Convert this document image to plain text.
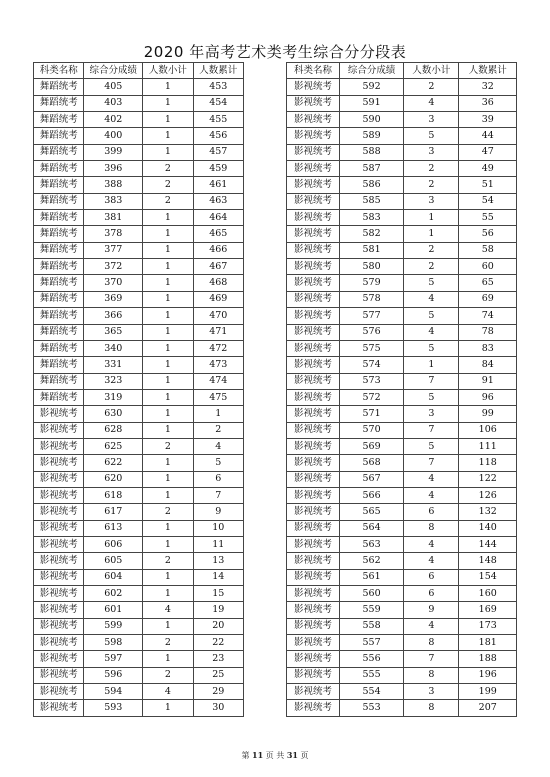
2020 年高考艺术类考生综合分分段表
科类名称	综合分成绩	人数小计	人数累计
舞蹈统考	405	1	453
舞蹈统考	403	1	454
舞蹈统考	402	1	455
舞蹈统考	400	1	456
舞蹈统考	399	1	457
舞蹈统考	396	2	459
舞蹈统考	388	2	461
舞蹈统考	383	2	463
舞蹈统考	381	1	464
舞蹈统考	378	1	465
舞蹈统考	377	1	466
舞蹈统考	372	1	467
舞蹈统考	370	1	468
舞蹈统考	369	1	469
舞蹈统考	366	1	470
舞蹈统考	365	1	471
舞蹈统考	340	1	472
舞蹈统考	331	1	473
舞蹈统考	323	1	474
舞蹈统考	319	1	475
影视统考	630	1	1
影视统考	628	1	2
影视统考	625	2	4
影视统考	622	1	5
影视统考	620	1	6
影视统考	618	1	7
影视统考	617	2	9
影视统考	613	1	10
影视统考	606	1	11
影视统考	605	2	13
影视统考	604	1	14
影视统考	602	1	15
影视统考	601	4	19
影视统考	599	1	20
影视统考	598	2	22
影视统考	597	1	23
影视统考	596	2	25
影视统考	594	4	29
影视统考	593	1	30
科类名称	综合分成绩	人数小计	人数累计
影视统考	592	2	32
影视统考	591	4	36
影视统考	590	3	39
影视统考	589	5	44
影视统考	588	3	47
影视统考	587	2	49
影视统考	586	2	51
影视统考	585	3	54
影视统考	583	1	55
影视统考	582	1	56
影视统考	581	2	58
影视统考	580	2	60
影视统考	579	5	65
影视统考	578	4	69
影视统考	577	5	74
影视统考	576	4	78
影视统考	575	5	83
影视统考	574	1	84
影视统考	573	7	91
影视统考	572	5	96
影视统考	571	3	99
影视统考	570	7	106
影视统考	569	5	111
影视统考	568	7	118
影视统考	567	4	122
影视统考	566	4	126
影视统考	565	6	132
影视统考	564	8	140
影视统考	563	4	144
影视统考	562	4	148
影视统考	561	6	154
影视统考	560	6	160
影视统考	559	9	169
影视统考	558	4	173
影视统考	557	8	181
影视统考	556	7	188
影视统考	555	8	196
影视统考	554	3	199
影视统考	553	8	207
第 11 页 共 31 页
